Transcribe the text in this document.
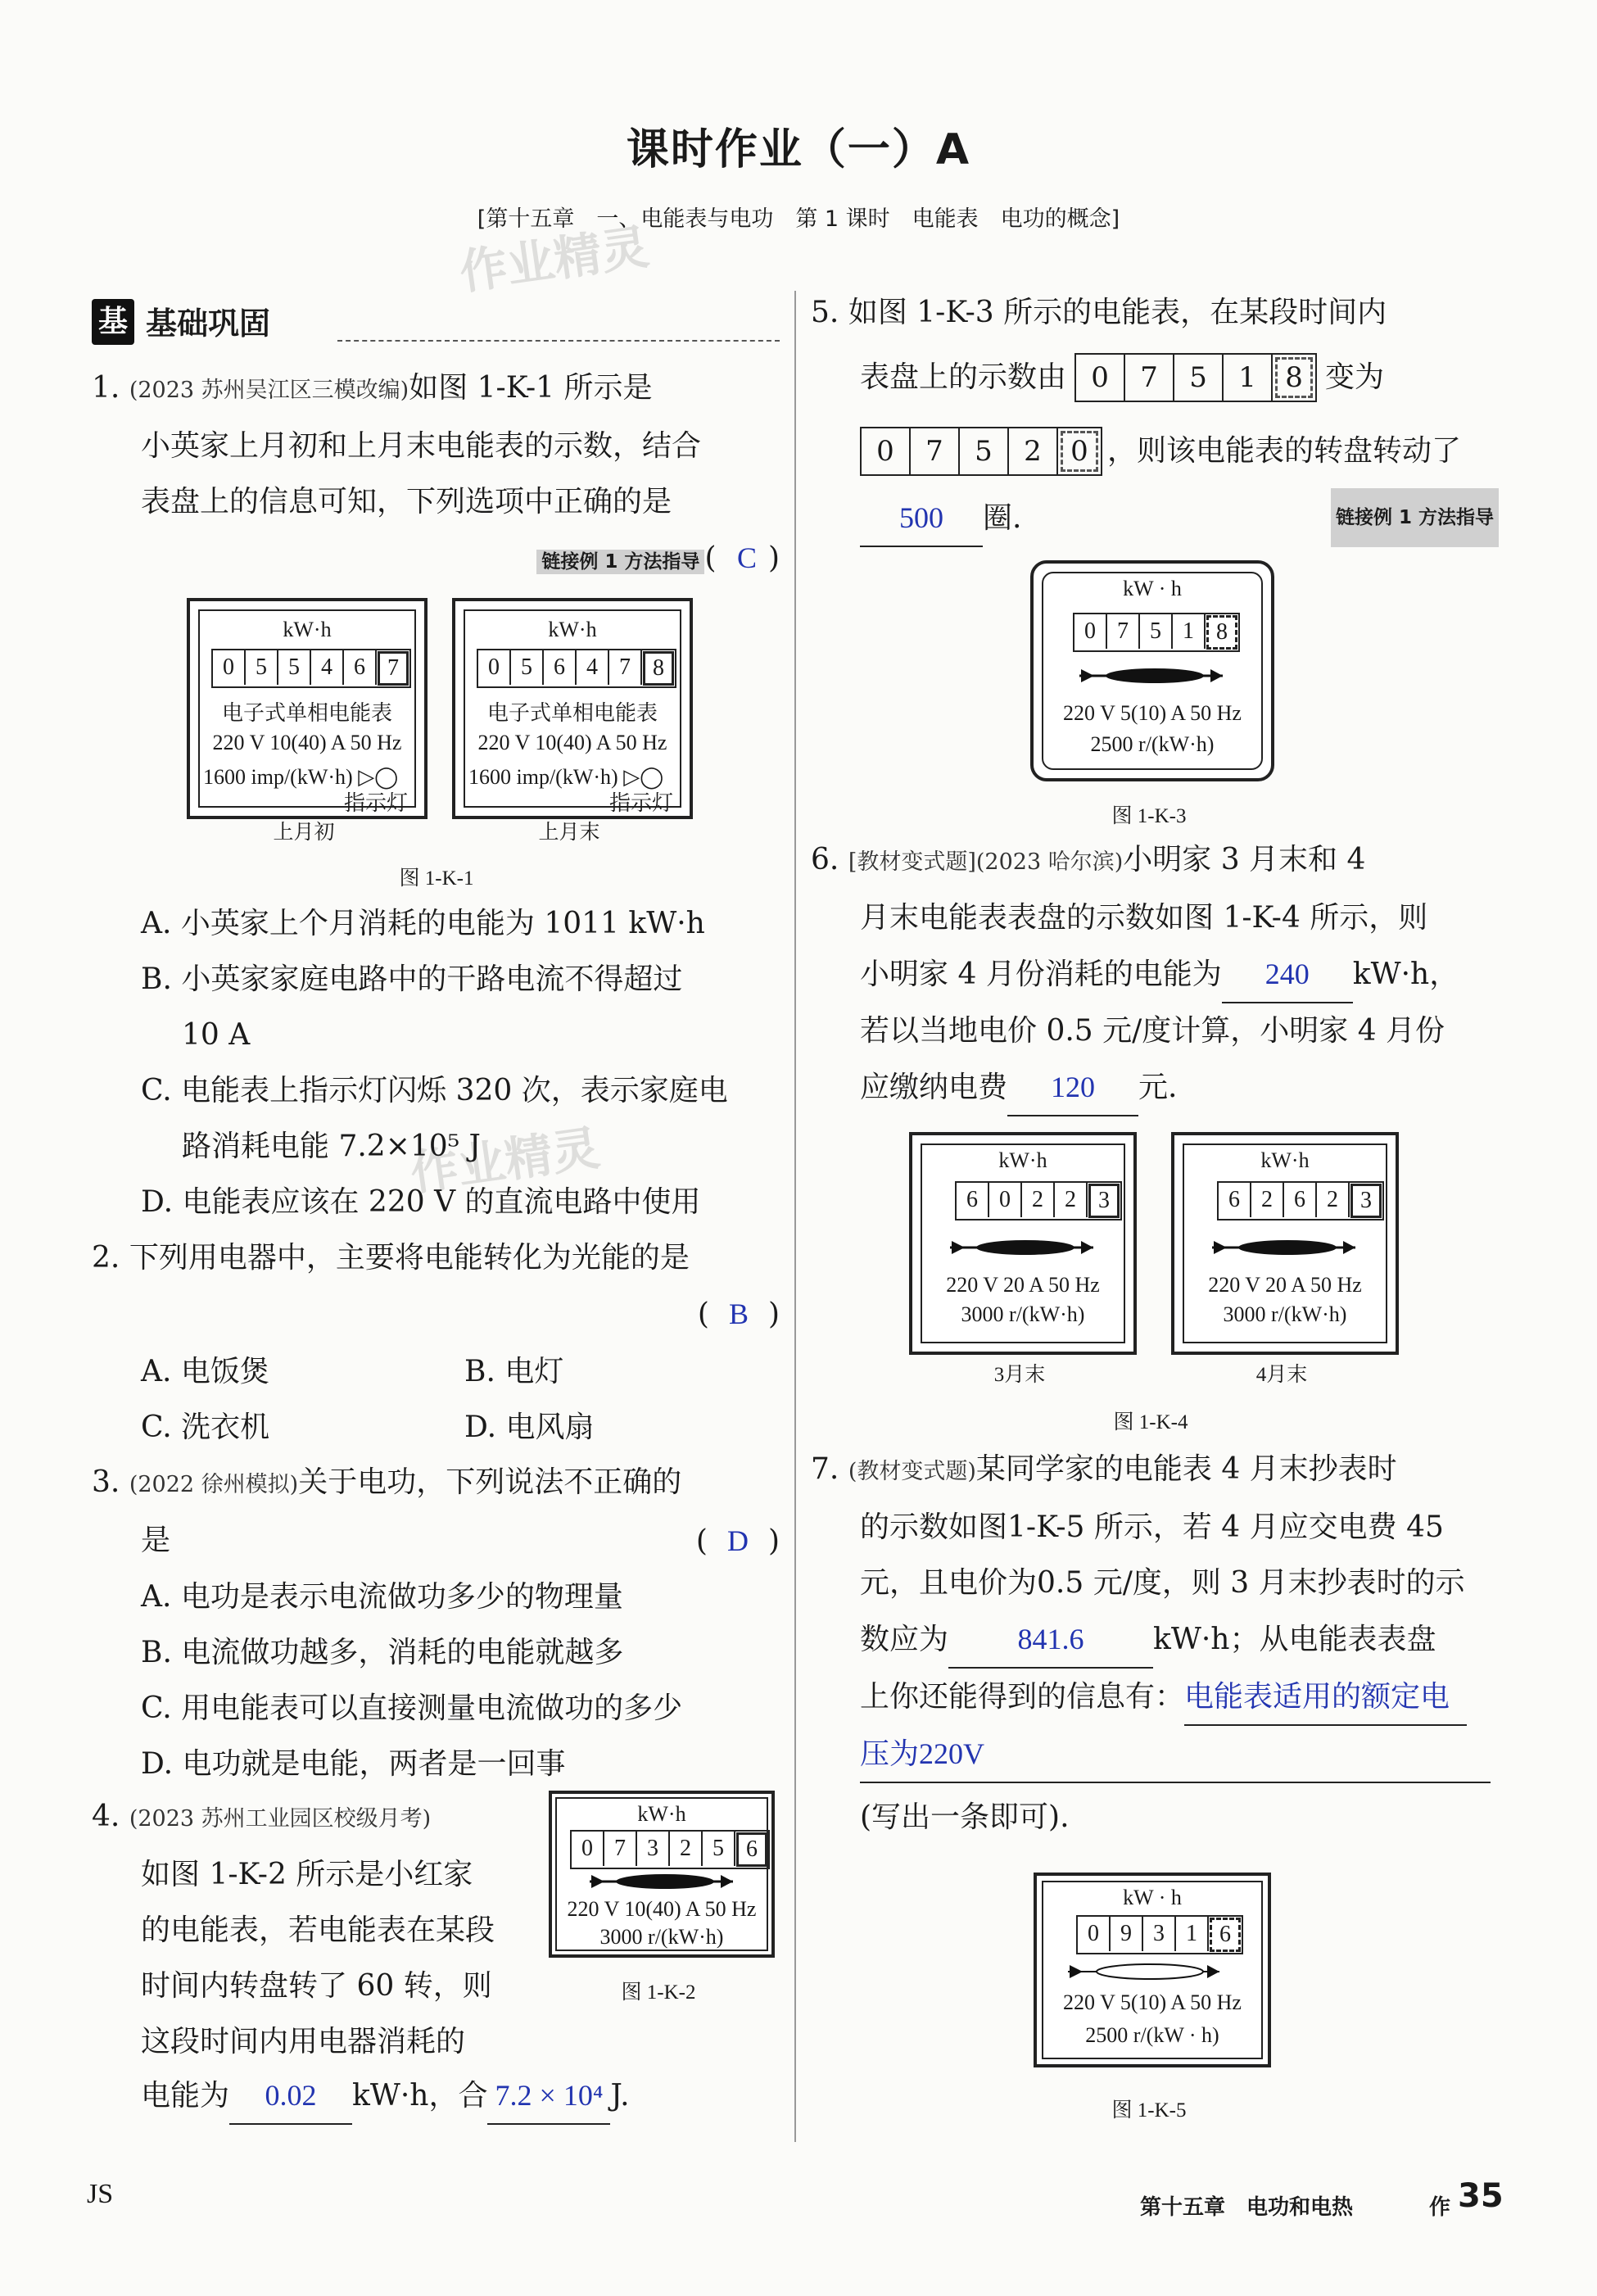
课时作业（一）A
[第十五章　一、电能表与电功　第 1 课时　电能表　电功的概念]
作业精灵
作业精灵
基 基础巩固
1. (2023 苏州吴江区三模改编)如图 1-K-1 所示是
小英家上月初和上月末电能表的示数，结合
表盘上的信息可知，下列选项中正确的是
链接例 1 方法指导 ( C )
kW·h
0 5 5 4 6 7
电子式单相电能表
220 V 10(40) A 50 Hz
1600 imp/(kW·h) ▷◯
指示灯
上月初
kW·h
0 5 6 4 7 8
电子式单相电能表
220 V 10(40) A 50 Hz
1600 imp/(kW·h) ▷◯
指示灯
上月末
图 1-K-1
A. 小英家上个月消耗的电能为 1011 kW·h
B. 小英家家庭电路中的干路电流不得超过
10 A
C. 电能表上指示灯闪烁 320 次，表示家庭电
路消耗电能 7.2×10⁵ J
D. 电能表应该在 220 V 的直流电路中使用
2. 下列用电器中，主要将电能转化为光能的是
( B )
A. 电饭煲	B. 电灯
C. 洗衣机	D. 电风扇
3. (2022 徐州模拟)关于电功，下列说法不正确的
是	( D )
A. 电功是表示电流做功多少的物理量
B. 电流做功越多，消耗的电能就越多
C. 用电能表可以直接测量电流做功的多少
D. 电功就是电能，两者是一回事
4. (2023 苏州工业园区校级月考)
如图 1-K-2 所示是小红家
的电能表，若电能表在某段
时间内转盘转了 60 转，则
这段时间内用电器消耗的
电能为 0.02 kW·h，合 7.2 × 10⁴ J.
kW·h
0 7 3 2 5 6
220 V 10(40) A 50 Hz
3000 r/(kW·h)
图 1-K-2
5. 如图 1-K-3 所示的电能表，在某段时间内
表盘上的示数由 0	7	5	1	8 变为
0	7	5	2	0 ，则该电能表的转盘转动了
500 圈.	链接例 1 方法指导
kW · h
0 7 5 1 8
220 V 5(10) A 50 Hz
2500 r/(kW·h)
图 1-K-3
6. [教材变式题](2023 哈尔滨)小明家 3 月末和 4
月末电能表表盘的示数如图 1-K-4 所示，则
小明家 4 月份消耗的电能为 240 kW·h，
若以当地电价 0.5 元/度计算，小明家 4 月份
应缴纳电费 120 元.
kW·h
6 0 2 2 3
220 V 20 A 50 Hz
3000 r/(kW·h)
3月末
kW·h
6 2 6 2 3
220 V 20 A 50 Hz
3000 r/(kW·h)
4月末
图 1-K-4
7. (教材变式题)某同学家的电能表 4 月末抄表时
的示数如图1-K-5 所示，若 4 月应交电费 45
元，且电价为0.5 元/度，则 3 月末抄表时的示
数应为 841.6 kW·h；从电能表表盘
上你还能得到的信息有：电能表适用的额定电
压为220V
(写出一条即可).
kW · h
0 9 3 1 6
220 V 5(10) A 50 Hz
2500 r/(kW · h)
图 1-K-5
JS	第十五章　电功和电热	作 35
